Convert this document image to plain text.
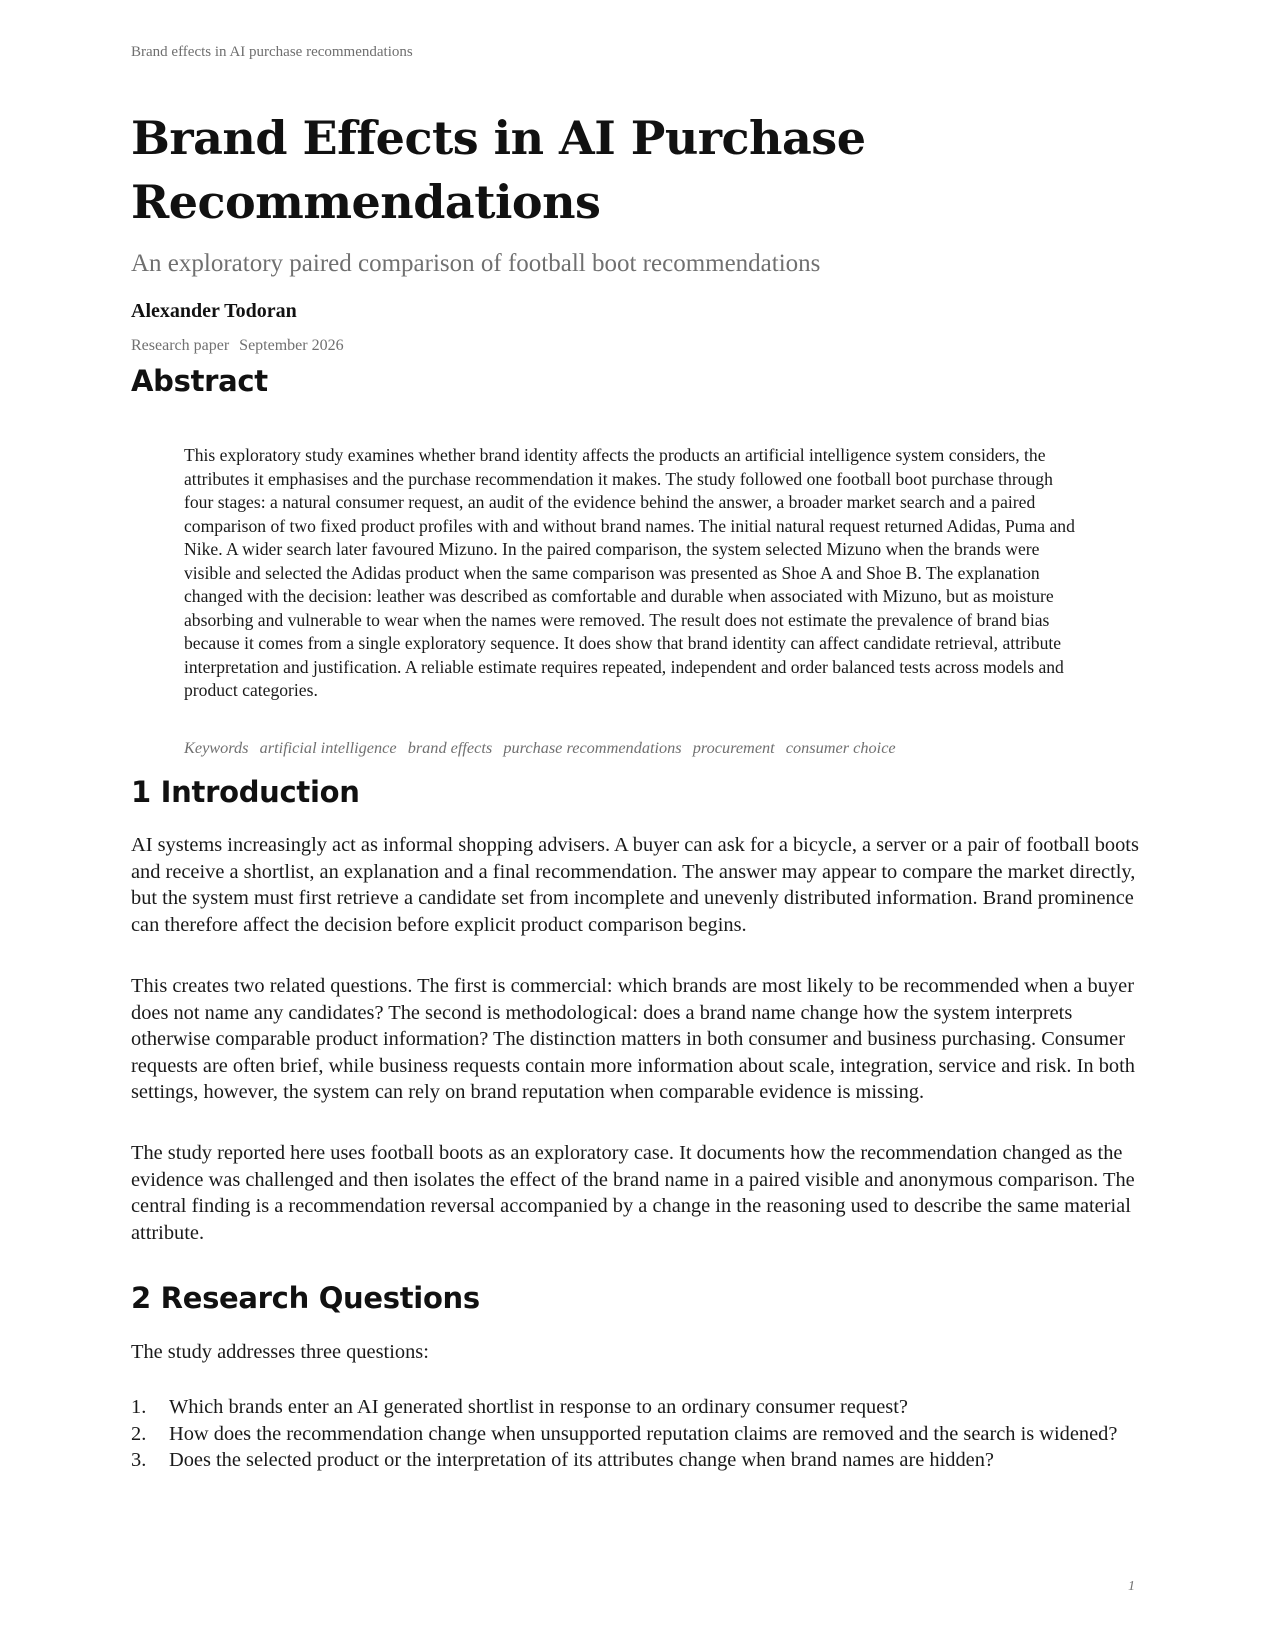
Brand effects in AI purchase recommendations
Brand Effects in AI Purchase Recommendations
An exploratory paired comparison of football boot recommendations
Alexander Todoran
Research paper September 2026
Abstract

This exploratory study examines whether brand identity affects the products an artificial intelligence system considers, the attributes it emphasises and the purchase recommendation it makes. The study followed one football boot purchase through four stages: a natural consumer request, an audit of the evidence behind the answer, a broader market search and a paired comparison of two fixed product profiles with and without brand names. The initial natural request returned Adidas, Puma and Nike. A wider search later favoured Mizuno. In the paired comparison, the system selected Mizuno when the brands were visible and selected the Adidas product when the same comparison was presented as Shoe A and Shoe B. The explanation changed with the decision: leather was described as comfortable and durable when associated with Mizuno, but as moisture absorbing and vulnerable to wear when the names were removed. The result does not estimate the prevalence of brand bias because it comes from a single exploratory sequence. It does show that brand identity can affect candidate retrieval, attribute interpretation and justification. A reliable estimate requires repeated, independent and order balanced tests across models and product categories.

Keywords artificial intelligence brand effects purchase recommendations procurement consumer choice
1 Introduction

AI systems increasingly act as informal shopping advisers. A buyer can ask for a bicycle, a server or a pair of football boots and receive a shortlist, an explanation and a final recommendation. The answer may appear to compare the market directly, but the system must first retrieve a candidate set from incomplete and unevenly distributed information. Brand prominence can therefore affect the decision before explicit product comparison begins.

This creates two related questions. The first is commercial: which brands are most likely to be recommended when a buyer does not name any candidates? The second is methodological: does a brand name change how the system interprets otherwise comparable product information? The distinction matters in both consumer and business purchasing. Consumer requests are often brief, while business requests contain more information about scale, integration, service and risk. In both settings, however, the system can rely on brand reputation when comparable evidence is missing.

The study reported here uses football boots as an exploratory case. It documents how the recommendation changed as the evidence was challenged and then isolates the effect of the brand name in a paired visible and anonymous comparison. The central finding is a recommendation reversal accompanied by a change in the reasoning used to describe the same material attribute.

2 Research Questions

The study addresses three questions:

1. Which brands enter an AI generated shortlist in response to an ordinary consumer request?
2. How does the recommendation change when unsupported reputation claims are removed and the search is widened?
3. Does the selected product or the interpretation of its attributes change when brand names are hidden?
1
